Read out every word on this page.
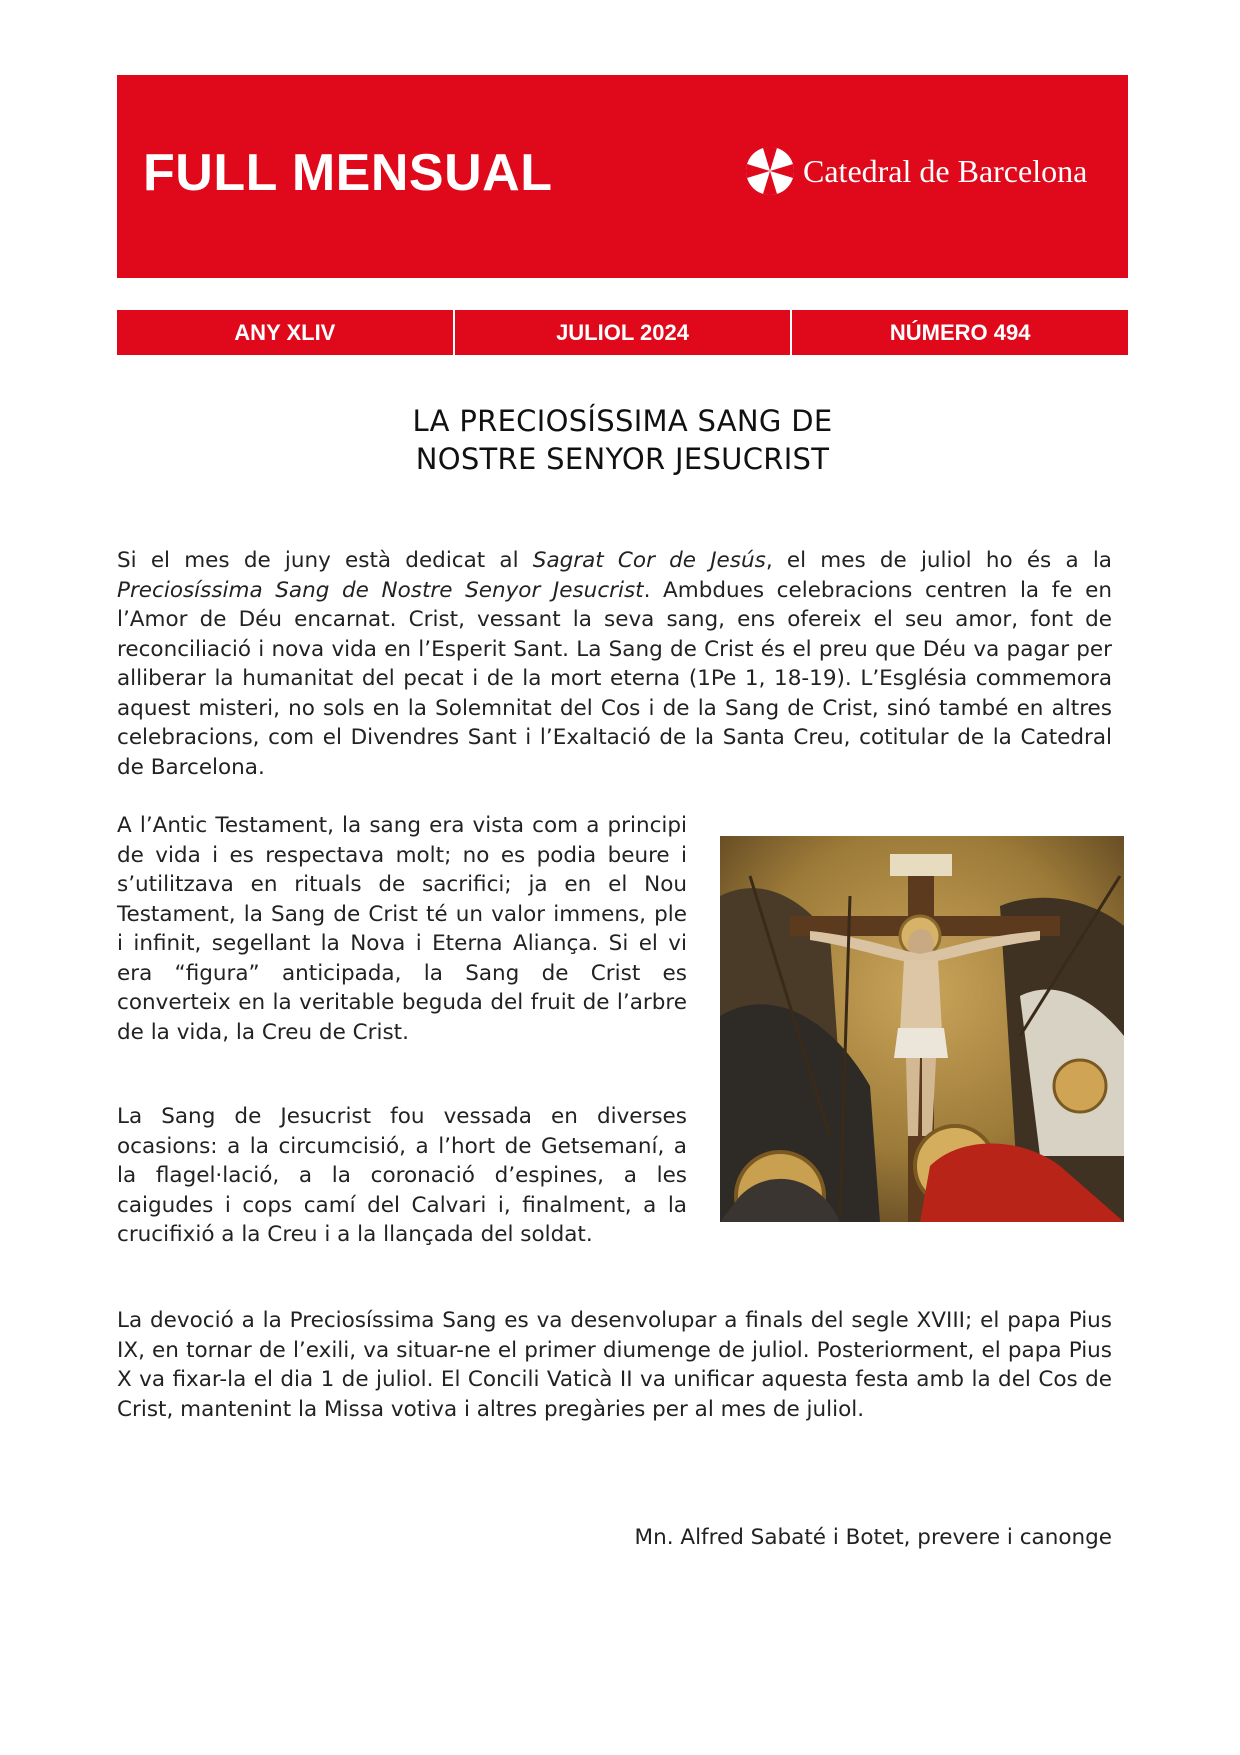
FULL MENSUAL	Catedral de Barcelona
ANY XLIV	JULIOL 2024	NÚMERO 494
LA PRECIOSÍSSIMA SANG DE
NOSTRE SENYOR JESUCRIST

Si el mes de juny està dedicat al Sagrat Cor de Jesús, el mes de juliol ho és a la Preciosíssima Sang de Nostre Senyor Jesucrist. Ambdues celebracions centren la fe en l’Amor de Déu encarnat. Crist, vessant la seva sang, ens ofereix el seu amor, font de reconciliació i nova vida en l’Esperit Sant. La Sang de Crist és el preu que Déu va pagar per alliberar la humanitat del pecat i de la mort eterna (1Pe 1, 18-19). L’Església commemora aquest misteri, no sols en la Solemnitat del Cos i de la Sang de Crist, sinó també en altres celebracions, com el Divendres Sant i l’Exaltació de la Santa Creu, cotitular de la Catedral de Barcelona.

A l’Antic Testament, la sang era vista com a principi de vida i es respectava molt; no es podia beure i s’utilitzava en rituals de sacrifici; ja en el Nou Testament, la Sang de Crist té un valor immens, ple i infinit, segellant la Nova i Eterna Aliança. Si el vi era “figura” anticipada, la Sang de Crist es converteix en la veritable beguda del fruit de l’arbre de la vida, la Creu de Crist.

La Sang de Jesucrist fou vessada en diverses ocasions: a la circumcisió, a l’hort de Getsemaní, a la flagel·lació, a la coronació d’espines, a les caigudes i cops camí del Calvari i, finalment, a la crucifixió a la Creu i a la llançada del soldat.

La devoció a la Preciosíssima Sang es va desenvolupar a finals del segle XVIII; el papa Pius IX, en tornar de l’exili, va situar-ne el primer diumenge de juliol. Posteriorment, el papa Pius X va fixar-la el dia 1 de juliol. El Concili Vaticà II va unificar aquesta festa amb la del Cos de Crist, mantenint la Missa votiva i altres pregàries per al mes de juliol.

Mn. Alfred Sabaté i Botet, prevere i canonge
